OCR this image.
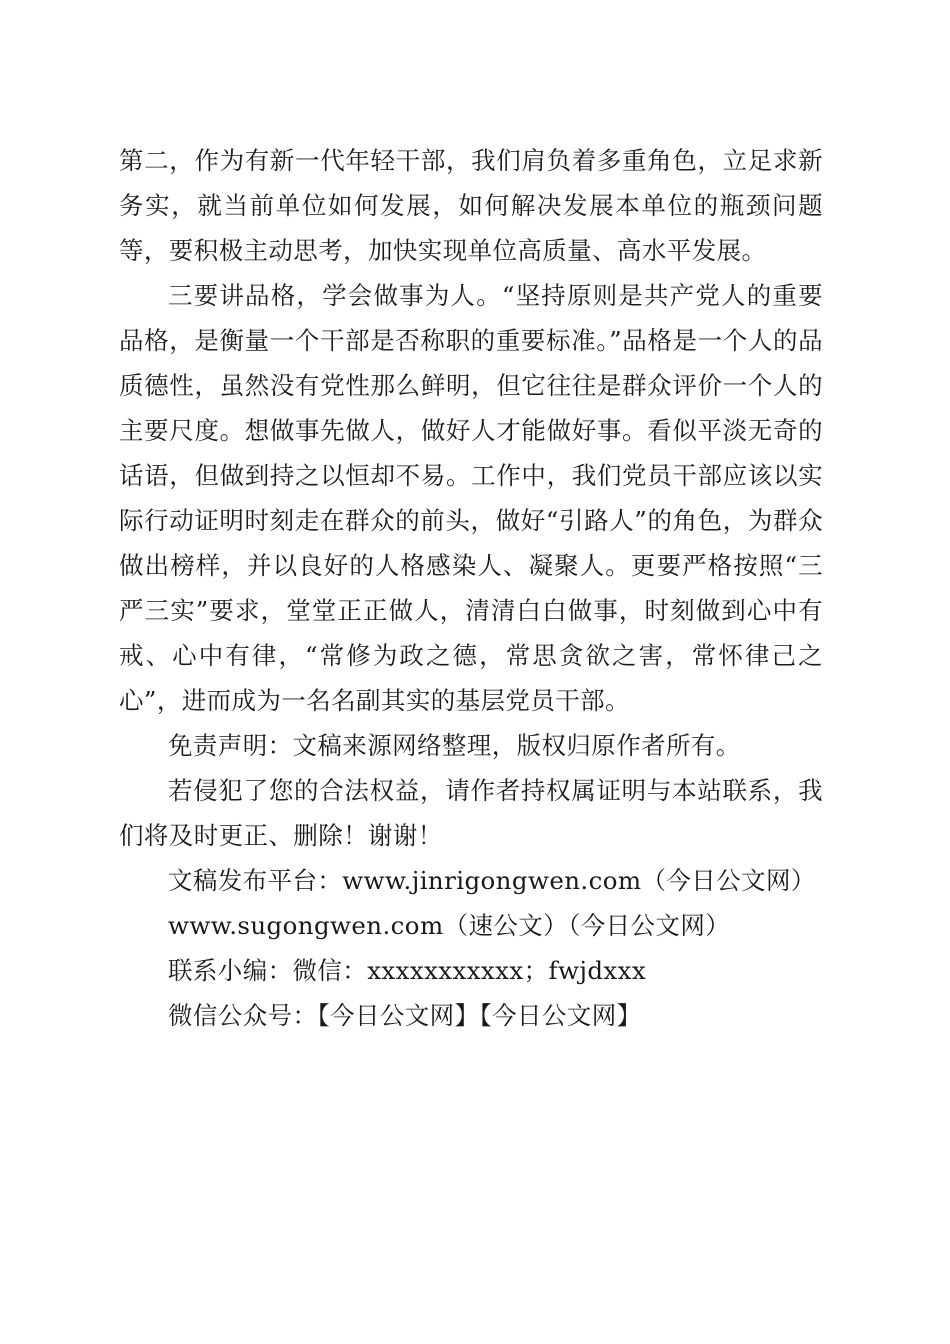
第二，作为有新一代年轻干部，我们肩负着多重角色，立足求新务实，就当前单位如何发展，如何解决发展本单位的瓶颈问题等，要积极主动思考，加快实现单位高质量、高水平发展。

三要讲品格，学会做事为人。“坚持原则是共产党人的重要品格，是衡量一个干部是否称职的重要标准。”品格是一个人的品质德性，虽然没有党性那么鲜明，但它往往是群众评价一个人的主要尺度。想做事先做人，做好人才能做好事。看似平淡无奇的话语，但做到持之以恒却不易。工作中，我们党员干部应该以实际行动证明时刻走在群众的前头，做好“引路人”的角色，为群众做出榜样，并以良好的人格感染人、凝聚人。更要严格按照“三严三实”要求，堂堂正正做人，清清白白做事，时刻做到心中有戒、心中有律，“常修为政之德，常思贪欲之害，常怀律己之心”，进而成为一名名副其实的基层党员干部。

免责声明：文稿来源网络整理，版权归原作者所有。

若侵犯了您的合法权益，请作者持权属证明与本站联系，我们将及时更正、删除！谢谢！

文稿发布平台：www.jinrigongwen.com（今日公文网）

www.sugongwen.com（速公文）（今日公文网）

联系小编：微信：xxxxxxxxxxx；fwjdxxx

微信公众号：【今日公文网】【今日公文网】
